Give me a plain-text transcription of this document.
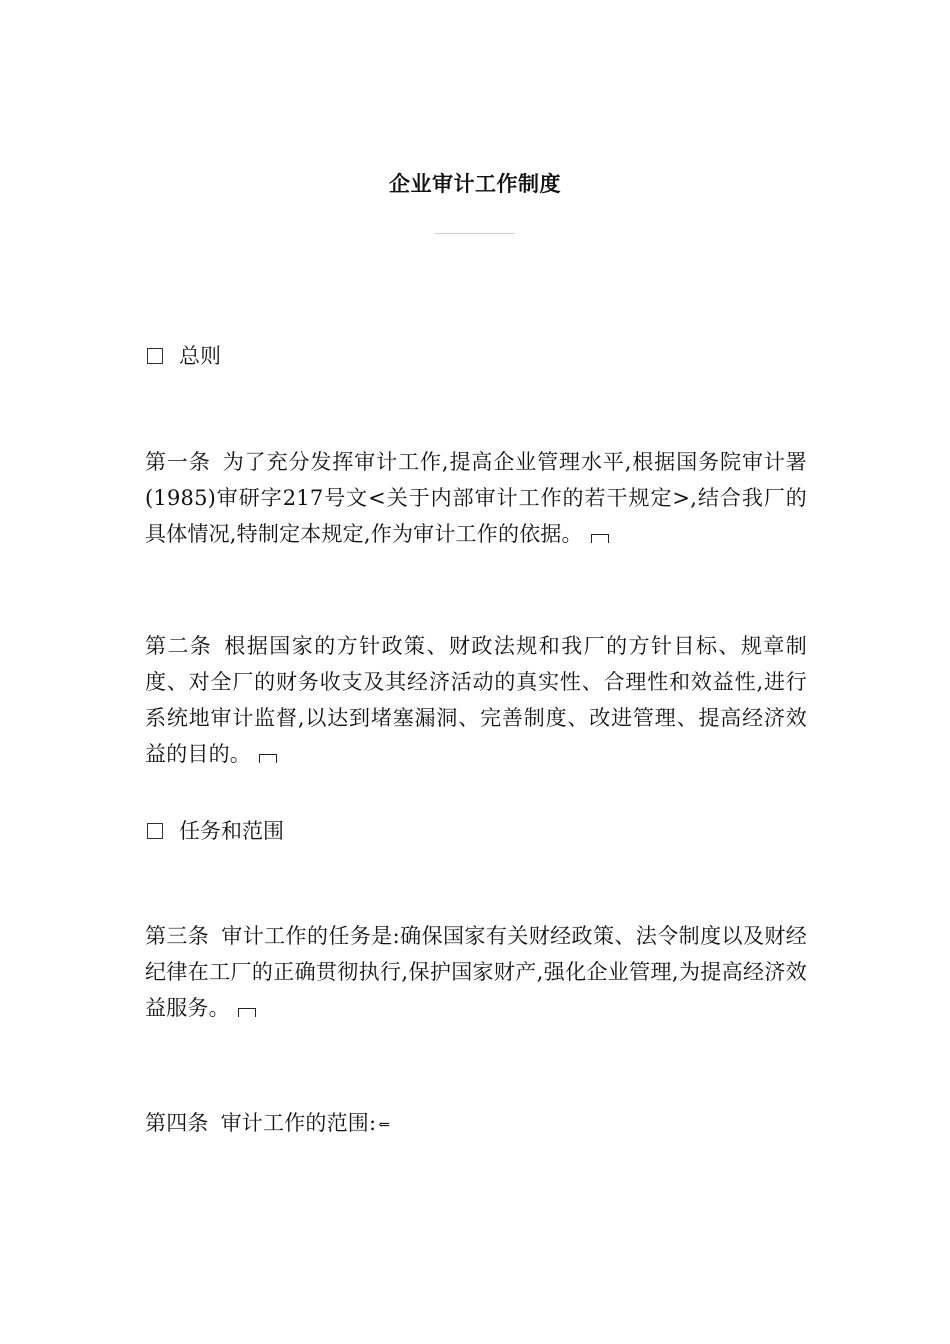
企业审计工作制度
总则
第一条 为了充分发挥审计工作,提高企业管理水平,根据国务院审计署(1985)审研字217号文<关于内部审计工作的若干规定>,结合我厂的具体情况,特制定本规定,作为审计工作的依据。
第二条 根据国家的方针政策、财政法规和我厂的方针目标、规章制度、对全厂的财务收支及其经济活动的真实性、合理性和效益性,进行系统地审计监督,以达到堵塞漏洞、完善制度、改进管理、提高经济效益的目的。
任务和范围
第三条 审计工作的任务是:确保国家有关财经政策、法令制度以及财经纪律在工厂的正确贯彻执行,保护国家财产,强化企业管理,为提高经济效益服务。
第四条 审计工作的范围: ⇐
